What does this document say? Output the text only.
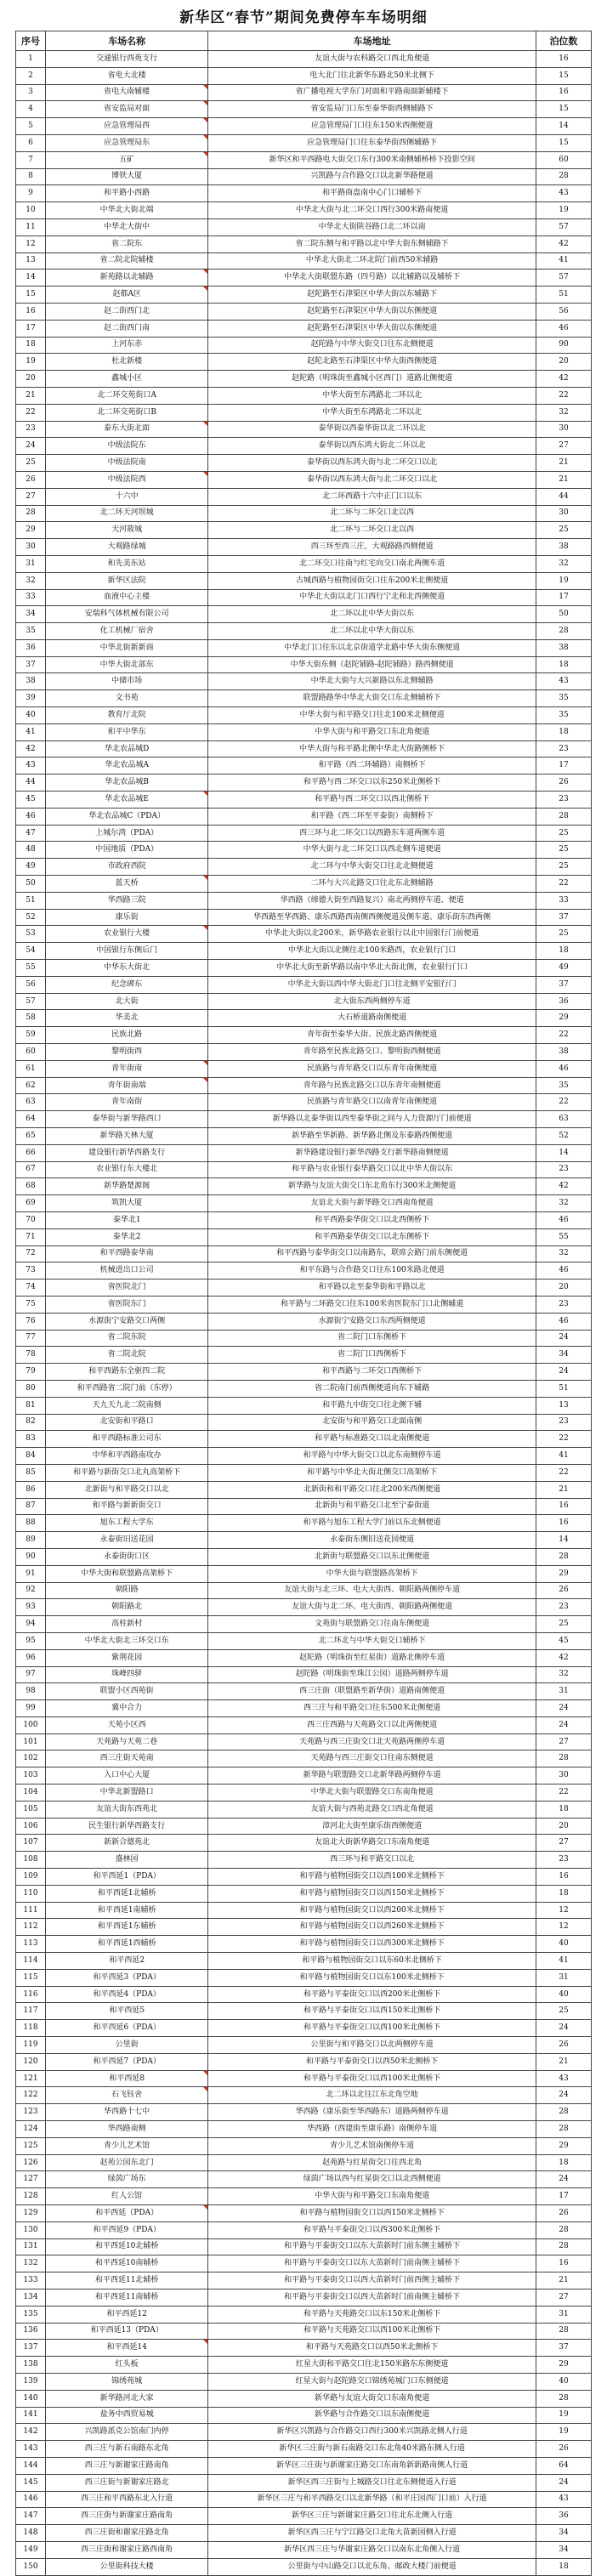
新华区“春节”期间免费停车车场明细
序号	车场名称	车场地址	泊位数
1	交通银行西苑支行	友谊大街与农科路交口西北角便道	16
2	省电大北楼	电大北门往北新华东路北50米北侧下	15
3	省电大南辅楼	省广播电视大学东门对面和平路南面新辅楼下	16
4	省安监局对面	省安监局门口东至泰华街西侧辅路下	15
5	应急管理局西	应急管理局门口往东150米西侧便道	14
6	应急管理局东	应急管理局门口往东泰华街西侧辅路下	15
7	五矿	新华区和平西路电大街交口东行300米南侧辅桥桥下投影空间	60
8	博铁大厦	兴凯路与合作路交口以北新华路便道	28
9	和平路小西路	和平路商盘南中心门口辅桥下	43
10	中华北大街北端	中华北大街与北二环交口西行300米路南便道	19
11	中华北大街中	中华北大街陕谷路口北二环以南	57
12	省二院东	省二院东侧与和平路以北中华大街东侧辅路下	42
13	省二院北院辅楼	中华北大街北二环北院门前西50米辅路	41
14	新苑路以北辅路	中华北大街联盟东路（四号路）以北辅路以及辅桥下	57
15	赵都A区	赵陀路至石津渠区中华大街以东辅路下	51
16	赵二街西门北	赵陀路至石津渠区中华大街以东侧便道	56
17	赵二街西门南	赵陀路至石津渠区中华大街以东侧便道	46
18	上河东赤	赵陀路与中华大街交口往东北侧便道	90
19	杜北新楼	赵陀北路至石津渠区中华大街西侧便道	20
20	鑫城小区	赵陀路（明珠街至鑫城小区西门）道路北侧便道	42
21	北二环交苑街口A	中华大街至东鸿路北二环以北	22
22	北二环交苑街口B	中华大街至东鸿路北二环以北	32
23	泰东大街北面	泰华街以西泰华街以北二环以北	30
24	中级法院东	泰华街以西东鸿大街北二环以北	27
25	中级法院南	泰华街以西东鸿大街与北二环交口以北	21
26	中级法院西	泰华街以西东鸿大街与北二环交口以北	21
27	十六中	北二环西路十六中正门口以东	44
28	北二环天河坝城	北二环与二环交口北以西	30
29	天河筱城	北二环与二环交口北以西	25
30	大观路绿城	西三环至西三庄，大观路路西侧便道	38
31	和先美东站	北二环交口往南与红宅向交口南北两侧车道	32
32	新华区法院	古城西路与植物园街交口往东200米北侧便道	19
33	血液中心主楼	中华北大街以北门口西行宁北和北西侧便道	17
34	安瑞科气体机械有限公司	北二环以北中华大街以东	50
35	化工机械厂宿舍	北二环以北中华大街以东	28
36	中华北街新新商	中华北门口往东以北京街道学北路中华大街东侧便道	38
37	中华大街北部东	中华大街东侧（赵陀铺路-赵陀铺路）路西侧便道	18
38	中储市场	中华北大街与大兴新路以东北侧辅路	43
39	文书苑	联盟路路华中华北大街交口东北侧辅桥下	35
40	教育厅北院	中华大街与和平路交口往北100米北侧便道	35
41	和平中华东	中华大街与和平路交口东北角便道	18
42	华北农品城D	中华大街与和平路北侧中华北大街路侧桥下	23
43	华北农品城A	和平路（西二环辅路）南侧桥下	17
44	华北农品城B	和平路与西二环交口以东250米北侧桥下	26
45	华北农品城E	和平路与西二环交口以西北侧桥下	23
46	华北农品城C（PDA）	和平路（西二环至平泰街）南侧桥下	28
47	上城尔湾（PDA）	西三环与北二环交口以西路东车道两侧车道	25
48	中国地质（PDA）	中华大街与北二环交口以西北侧车道便道	25
49	市政府西院	北二环与中华大街交口往北北侧便道	25
50	蓝天桥	二环与大兴北路交口往北东北侧辅路	22
51	华西路三院	华西路（缔德大街至西路复兴）南北两侧停车道、便道	33
52	康乐街	华西路至华西路、康乐西路西南侧西侧便道及侧车道、康乐街东西两侧	37
53	农业银行大楼	中华北大街以北200米，新华路农业银行以北中国银行门前便道	25
54	中国银行东侧后门	中华北大街以北侧往北100米路西，农业银行门口	18
55	中华东大街北	中华北大街至新华路以南中华北大街北侧，农业银行门口	49
56	纪念碑东	中华北大街以西中华大街北门口往北侧平安银行门	37
57	北大街	北大街东西两侧停车道	36
58	华美北	大石桥道路南侧便道	29
59	民族北路	青年街至泰华大街、民族北路西侧便道	22
60	黎明街西	青年路至民族北路交口、黎明街西侧便道	38
61	青年街南	民族路与青年路交口以东青年南侧便道	46
62	青年街南端	青年路与民族北路交口以东青年南侧便道	35
63	青年南街	民族路与青年路交口以南青年南侧便道	22
64	泰华街与新华路西口	新华路以北泰华街以西至泰华街之间与人力资源厅门前便道	63
65	新华路天林大厦	新华路至华新路、新华路北侧及东泰路西侧便道	52
66	建设银行新华西路支行	新华路建设银行新华西路支行新华路南侧便道	14
67	农业银行东大楼北	和平路与农业银行泰华路交口以北中华大街以东	23
68	新华路楚源阁	新华路与友谊大街交口东北角东行300米北侧便道	42
69	筑凯大厦	友谊北大街与新华路交口西南角便道	32
70	泰华北1	和平西路泰华街交口以北西侧桥下	46
71	泰华北2	和平西路泰华街交口以北东侧桥下	55
72	和平西路泰华南	和平西路与泰华街交口以南路东，联席会路门前东侧便道	32
73	机械进出口公司	和平东路与合作路交口往东100米路北便道	46
74	省医院北门	和平路以北至泰华街和平路以北	20
75	省医院东门	和平路与二环路交口往东100米省医院东门口北侧辅道	23
76	水源街宁安路交口两侧	水源街宁安路交口东西两侧便道	46
77	省二院东院	省二院门口东侧桥下	24
78	省二院北院	省二院门口西侧桥下	34
79	和平西路东全驱四二院	和平西路与二环交口西侧桥下	24
80	和平西路省二院门前（东停）	省二院南门前西侧便道向东下辅路	51
81	天九天九北二院南侧	和平路九中街交口往北侧下辅	13
82	北安街和平路口	北安街与和平路交口北面南侧	23
83	和平西路标准公司东	和平路与标准路交口以北南侧便道	22
84	中华和平西路南攻办	和平路与中华大街交口以北东南侧停车道	41
85	和平路与新街交口北丸高架桥下	和平路与中华北大街北侧交口高架桥下	22
86	北新街与和平路交口以北	北新街和和平路交口往北200米西侧便道	21
87	和平路与新新街交口	北新街与和平路交口北至宁泰街道	16
88	旭东工程大学东	和平路与旭东工程大学门前以东北侧便道	16
89	永泰街旧送花园	永泰街东侧旧送花园便道	14
90	永泰街街口区	北新街与联盟路交口以东北侧便道	28
91	中华大街和联盟路高架桥下	中华大街与联盟路高架桥下	29
92	朝阳路	友谊大街与北三环、电大大街西、朝阳路两侧停车道	26
93	朝阳路北	友谊大街与北二环、电大街西、朝阳路两侧便道	23
94	高柱新村	文苑街与联盟路交口往南东侧便道	25
95	中华北大街北三环交口东	北二环北与中华大街交口辅桥下	45
96	紫荆花园	赵陀路（明珠街至红星街）道路北侧停车道	42
97	珠峰四驿	赵陀路（明珠街至珠江公园）道路两侧停车道	32
98	联盟小区西苑街	西三庄街（联盟路至新华街）道路南侧便道	31
99	冀中合力	西三庄与和平路交口往东500米北侧便道	24
100	天苑小区西	西三庄西路与天苑路交口以北两侧便道	24
101	天苑路与天苑二巷	天苑路与西三庄街交口北天苑路两侧停车道	27
102	西三庄街天苑南	天苑路与西三庄街交口往南东侧便道	28
103	入口中心大厦	新华路与联盟路交口北新华路两侧停车道	30
104	中华北新盟路口	中华北大街与联盟路交口东南角便道	22
105	友谊大街东西苑北	友谊大街与西苑北路交口西北角便道	18
106	民生银行新华西路支行	漳河北大街至康乐街西侧便道	20
107	新新合德苑北	友谊北大街新华路交口东南角便道	27
108	盛林园	西三环与和平路交口以北	23
109	和平西延1（PDA）	和平路与植物园街交口以西100米北侧桥下	16
110	和平西延1北辅桥	和平路与植物园街交口以西150米北侧桥下	18
111	和平西延1南辅桥	和平路与植物园街交口以西200米北侧桥下	12
112	和平西延1东辅桥	和平路与植物园街交口以西260米北侧桥下	12
113	和平西延1西辅桥	和平路与植物园街交口以西300米北侧桥下	40
114	和平西延2	和平路与植物园街交口以东60米北侧桥下	41
115	和平西延3（PDA）	和平路与植物园街交口以东100米北侧桥下	31
116	和平西延4（PDA）	和平路与平泰街交口以西200米北侧桥下	40
117	和平西延5	和平路与平泰街交口以西150米北侧桥下	25
118	和平西延6（PDA）	和平路与平泰街交口以西100米北侧桥下	24
119	公里街	公里街与和平路交口以北两侧停车道	26
120	和平西延7（PDA）	和平路与平泰街交口以西50米北侧桥下	21
121	和平西延8	和平路与平泰街交口以西100米北侧桥下	43
122	石飞钰舍	北二环以北往江东北角空地	24
123	华西路十七中	华西路（康乐街至华西路东）道路两侧停车道	28
124	华西路南侧	华西路（西建街至康乐路）南侧停车道	28
125	青少儿艺术馆	青少儿艺术馆南侧停车道	29
126	赵苑公园东北门	赵苑路与红星街交口往西北角	18
127	绿茵广场东	绿茵广场以西与红星街交口以北西侧便道	24
128	红人公馆	中华大街与和平路交口东南角便道	17
129	和平西延（PDA）	和平路与植物园街交口以西150米北侧桥下	26
130	和平西延9（PDA）	和平路与平泰街交口以西300米北侧桥下	28
131	和平西延10北辅桥	和平路与平泰街交口以东大苗新时门前东侧主辅桥下	28
132	和平西延10南辅桥	和平路与平泰街交口以东大苗新时门前南侧主辅桥下	16
133	和平西延11北辅桥	和平路与平泰街交口以西大苗新时门前西侧主辅桥下	21
134	和平西延11南辅桥	和平路与平泰街交口以西大苗新时门前南侧主辅桥下	27
135	和平西延12	和平路与天苑路交口以东150米北侧桥下	31
136	和平西延13（PDA）	和平路与天苑路交口以西100米北侧桥下	28
137	和平西延14	和平路与天苑路交口以西50米北侧桥下	37
138	红头板	红星大街和平路交口往北150米路东东侧便道	29
139	锦绣苑城	红星大街与赵陀路交口锦绣苑城门口东侧便道	40
140	新华路河北大家	新华路与友谊大街交口东南角便道	28
141	盐务中西贸易城	新华路与合作路交口以东南侧便道	19
142	兴凯路派克公馆南门内停	新华区兴凯路与合作路交口西行300米兴凯路北侧人行道	19
143	西三庄与新石南路东北角	新华区三庄街与新石南路交口东北角40米路东侧入行道	26
144	西三庄与新谢家庄路南角	新华区三庄街与新谢家庄路交口东南角新新路南侧人行道	64
145	西三庄街与新谢家庄路北	新华区西三庄街与上城路交口往北东侧便道入行道	24
146	西三庄和平西路东北入行道	新华区三庄与和平西路交口以北新华路（和平庄园西门口前）入行道	43
147	西三庄街与新谢家庄路南角	新华区三庄与新谢家庄路交口往北东北侧入行道	36
148	西三庄街和谢家庄路北角	新华区西三庄与宁江路交口北角大苗新园侧入行道	34
149	西三庄街和谢家庄路西南角	新华区西三庄与华谢家庄路交口以南东北角侧入行道	34
150	公里街科技大楼	公里街与中山路交口以北东角、邮政大楼门前便道	18
